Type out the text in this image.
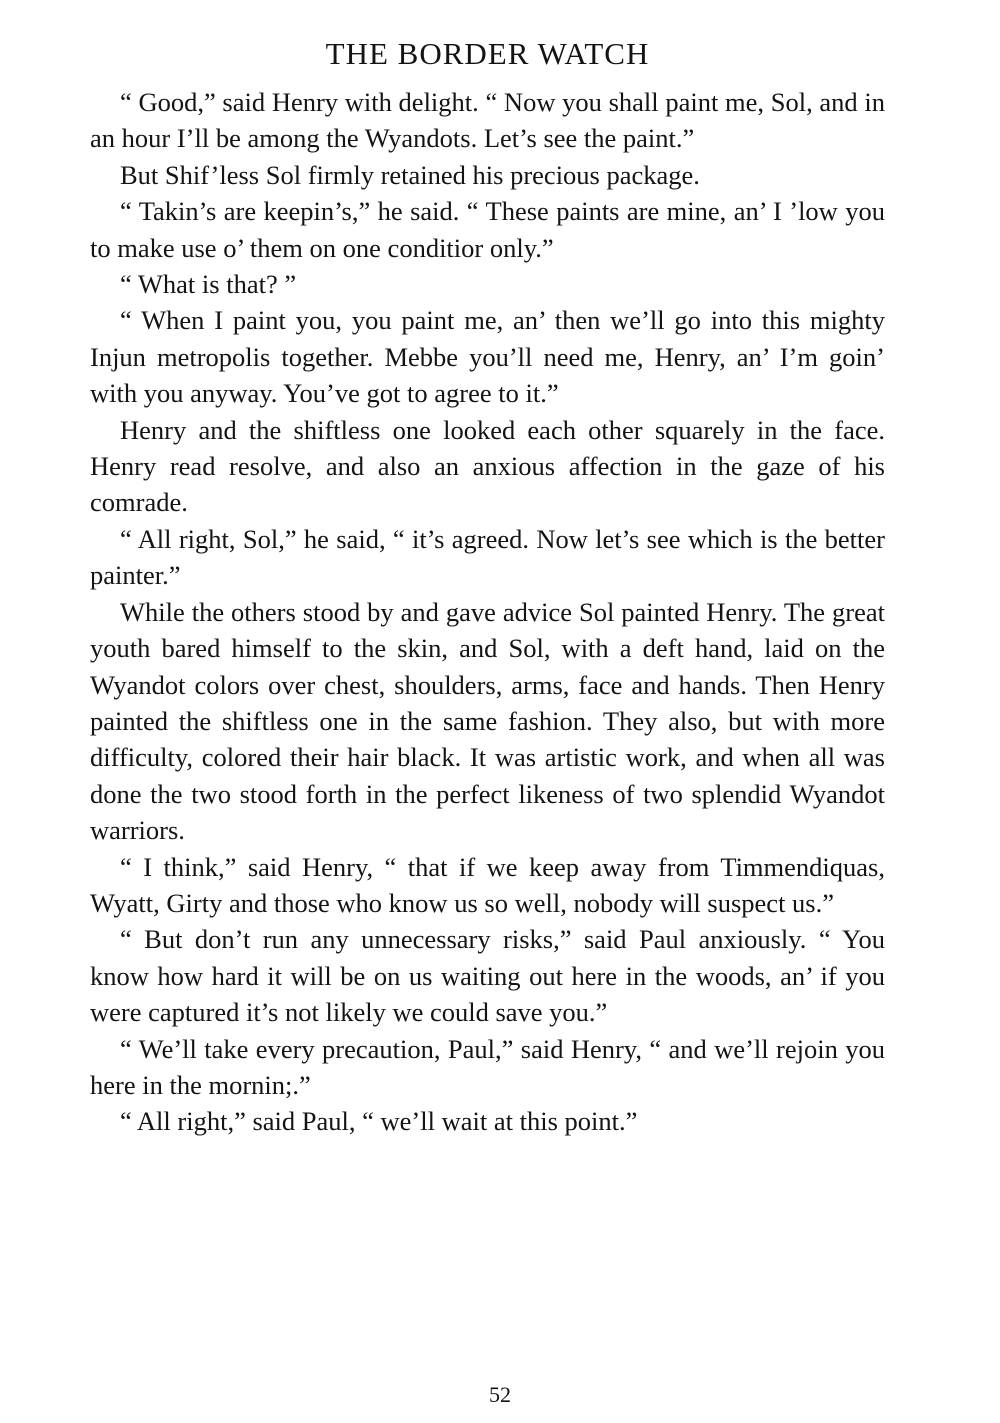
THE BORDER WATCH

“ Good,” said Henry with delight. “ Now you shall paint me, Sol, and in an hour I’ll be among the Wyandots. Let’s see the paint.”

But Shif’less Sol firmly retained his precious package.

“ Takin’s are keepin’s,” he said. “ These paints are mine, an’ I ’low you to make use o’ them on one conditior only.”

“ What is that? ”

“ When I paint you, you paint me, an’ then we’ll go into this mighty Injun metropolis together. Mebbe you’ll need me, Henry, an’ I’m goin’ with you anyway. You’ve got to agree to it.”

Henry and the shiftless one looked each other squarely in the face. Henry read resolve, and also an anxious affection in the gaze of his comrade.

“ All right, Sol,” he said, “ it’s agreed. Now let’s see which is the better painter.”

While the others stood by and gave advice Sol painted Henry. The great youth bared himself to the skin, and Sol, with a deft hand, laid on the Wyandot colors over chest, shoulders, arms, face and hands. Then Henry painted the shiftless one in the same fashion. They also, but with more difficulty, colored their hair black. It was artistic work, and when all was done the two stood forth in the perfect likeness of two splendid Wyandot warriors.

“ I think,” said Henry, “ that if we keep away from Timmendiquas, Wyatt, Girty and those who know us so well, nobody will suspect us.”

“ But don’t run any unnecessary risks,” said Paul anxiously. “ You know how hard it will be on us waiting out here in the woods, an’ if you were captured it’s not likely we could save you.”

“ We’ll take every precaution, Paul,” said Henry, “ and we’ll rejoin you here in the mornin;.”

“ All right,” said Paul, “ we’ll wait at this point.”

52
